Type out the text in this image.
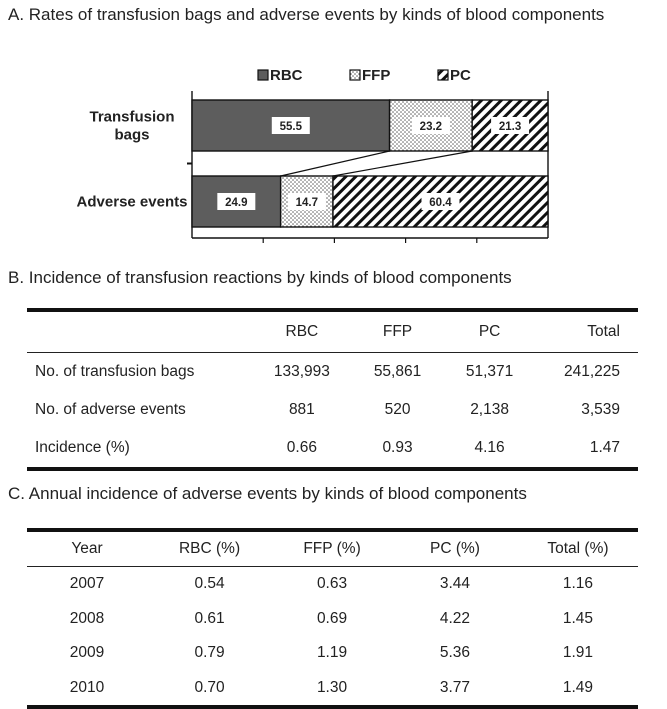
A. Rates of transfusion bags and adverse events by kinds of blood components
RBC	FFP	PC
Transfusion
bags
Adverse events
55.5	23.2	21.3
24.9	14.7	60.4
B. Incidence of transfusion reactions by kinds of blood components
	RBC	FFP	PC	Total
No. of transfusion bags	133,993	55,861	51,371	241,225
No. of adverse events	881	520	2,138	3,539
Incidence (%)	0.66	0.93	4.16	1.47
C. Annual incidence of adverse events by kinds of blood components
Year	RBC (%)	FFP (%)	PC (%)	Total (%)
2007	0.54	0.63	3.44	1.16
2008	0.61	0.69	4.22	1.45
2009	0.79	1.19	5.36	1.91
2010	0.70	1.30	3.77	1.49
